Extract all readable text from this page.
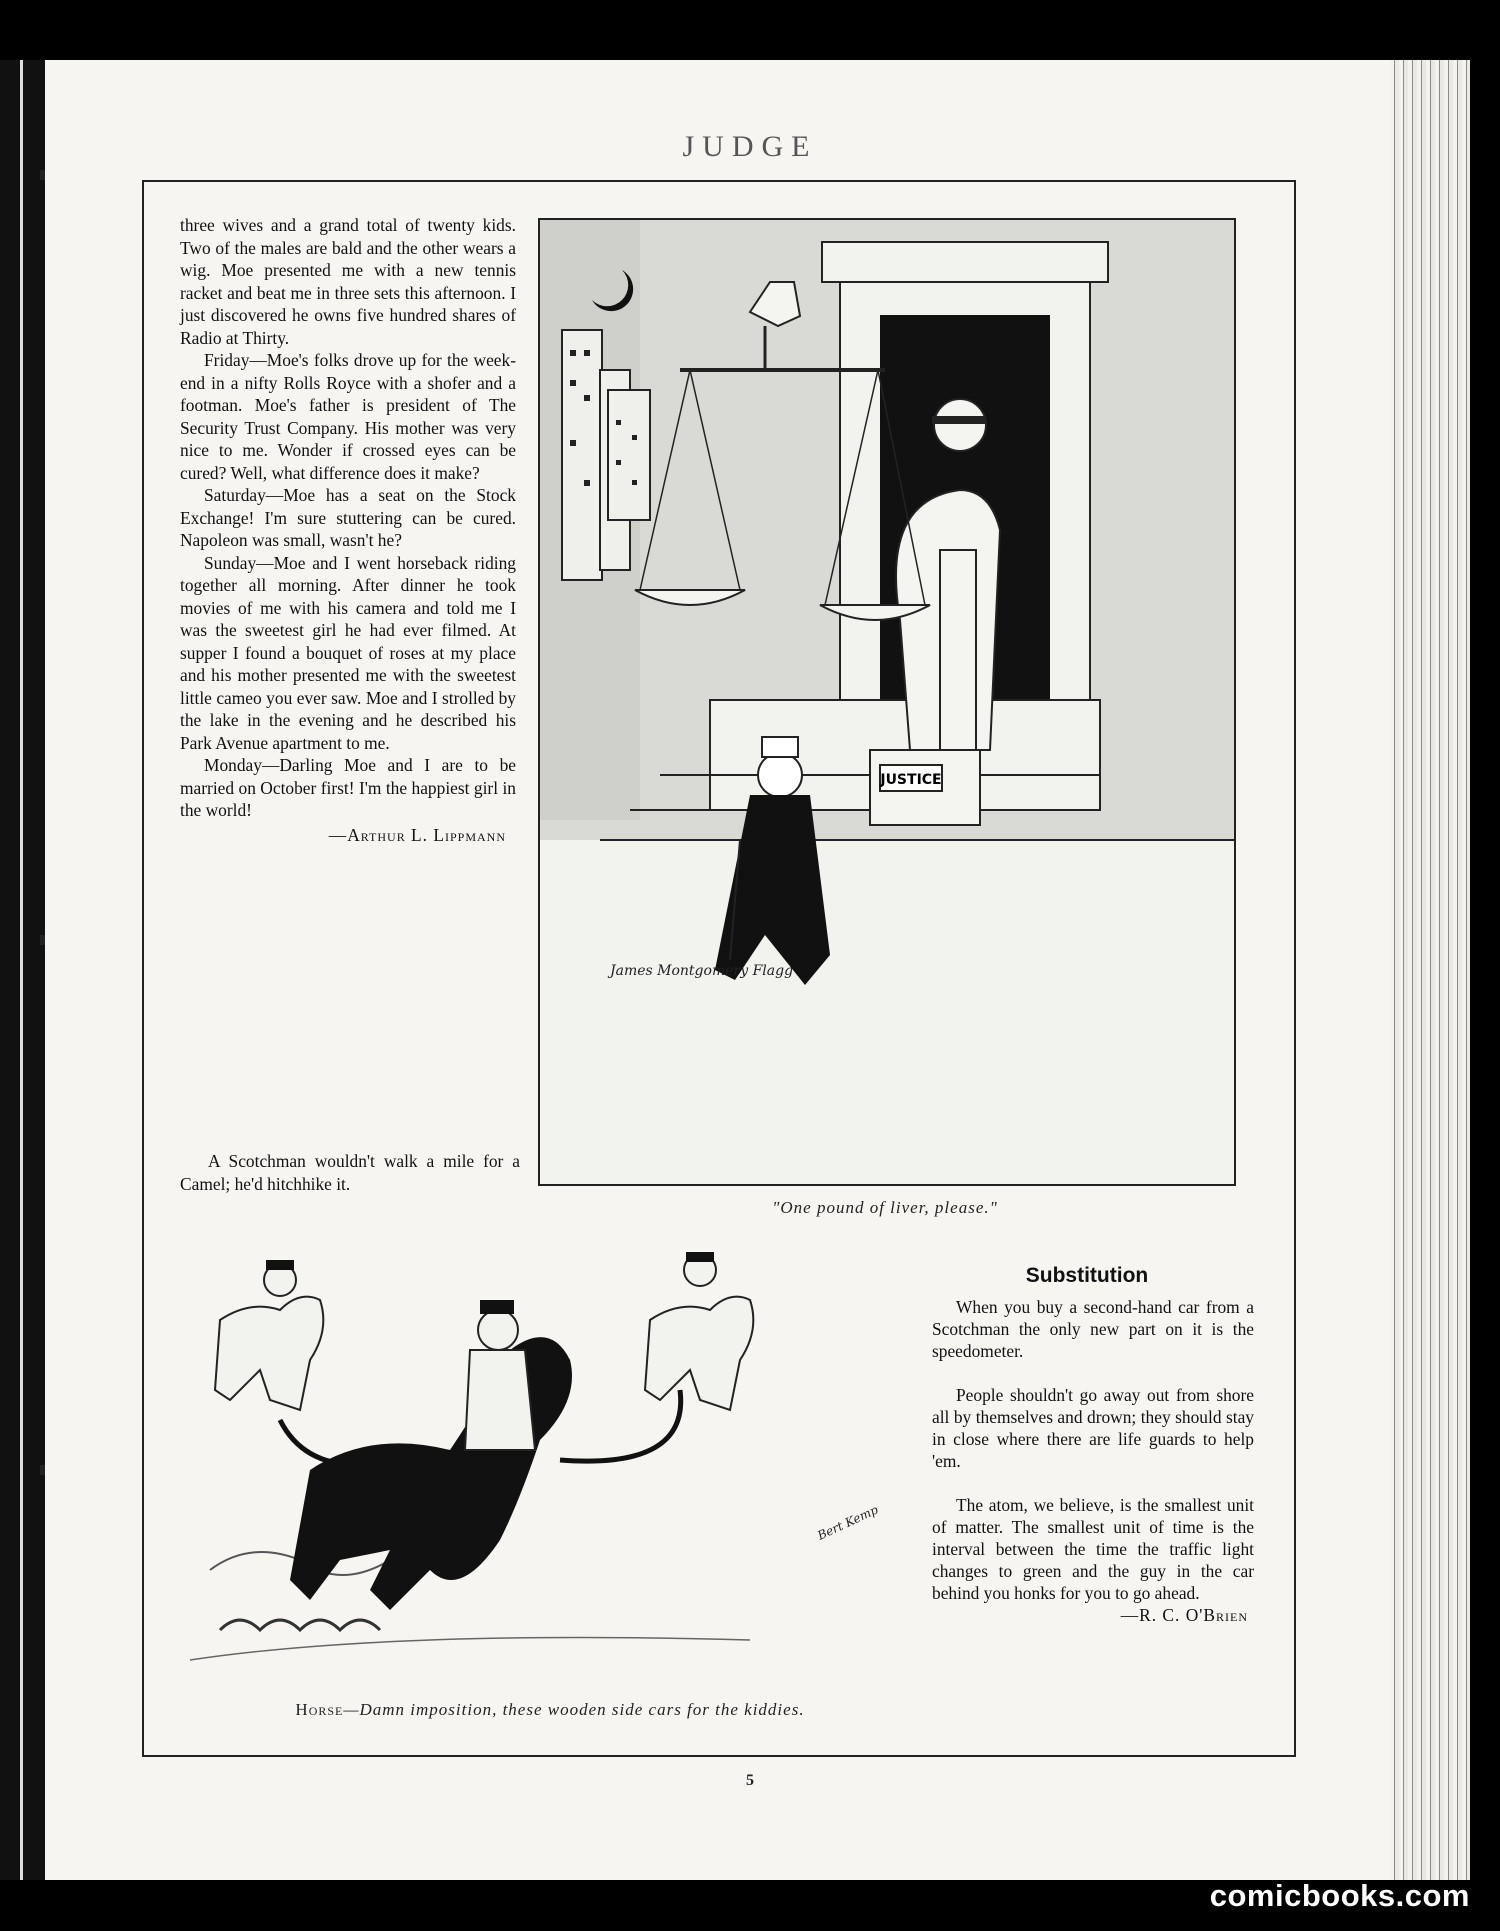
JUDGE

three wives and a grand total of twenty kids. Two of the males are bald and the other wears a wig. Moe presented me with a new tennis racket and beat me in three sets this afternoon. I just discovered he owns five hundred shares of Radio at Thirty.

Friday—Moe's folks drove up for the week-end in a nifty Rolls Royce with a shofer and a footman. Moe's father is president of The Security Trust Company. His mother was very nice to me. Wonder if crossed eyes can be cured? Well, what difference does it make?

Saturday—Moe has a seat on the Stock Exchange! I'm sure stuttering can be cured. Napoleon was small, wasn't he?

Sunday—Moe and I went horseback riding together all morning. After dinner he took movies of me with his camera and told me I was the sweetest girl he had ever filmed. At supper I found a bouquet of roses at my place and his mother presented me with the sweetest little cameo you ever saw. Moe and I strolled by the lake in the evening and he described his Park Avenue apartment to me.

Monday—Darling Moe and I are to be married on October first! I'm the happiest girl in the world!

—Arthur L. Lippmann
A Scotchman wouldn't walk a mile for a Camel; he'd hitchhike it.
JUSTICE
James Montgomery Flagg
"One pound of liver, please."
Bert Kemp
Horse—Damn imposition, these wooden side cars for the kiddies.
Substitution

When you buy a second-hand car from a Scotchman the only new part on it is the speedometer.

People shouldn't go away out from shore all by themselves and drown; they should stay in close where there are life guards to help 'em.

The atom, we believe, is the smallest unit of matter. The smallest unit of time is the interval between the time the traffic light changes to green and the guy in the car behind you honks for you to go ahead.

—R. C. O'Brien
5
comicbooks.com
